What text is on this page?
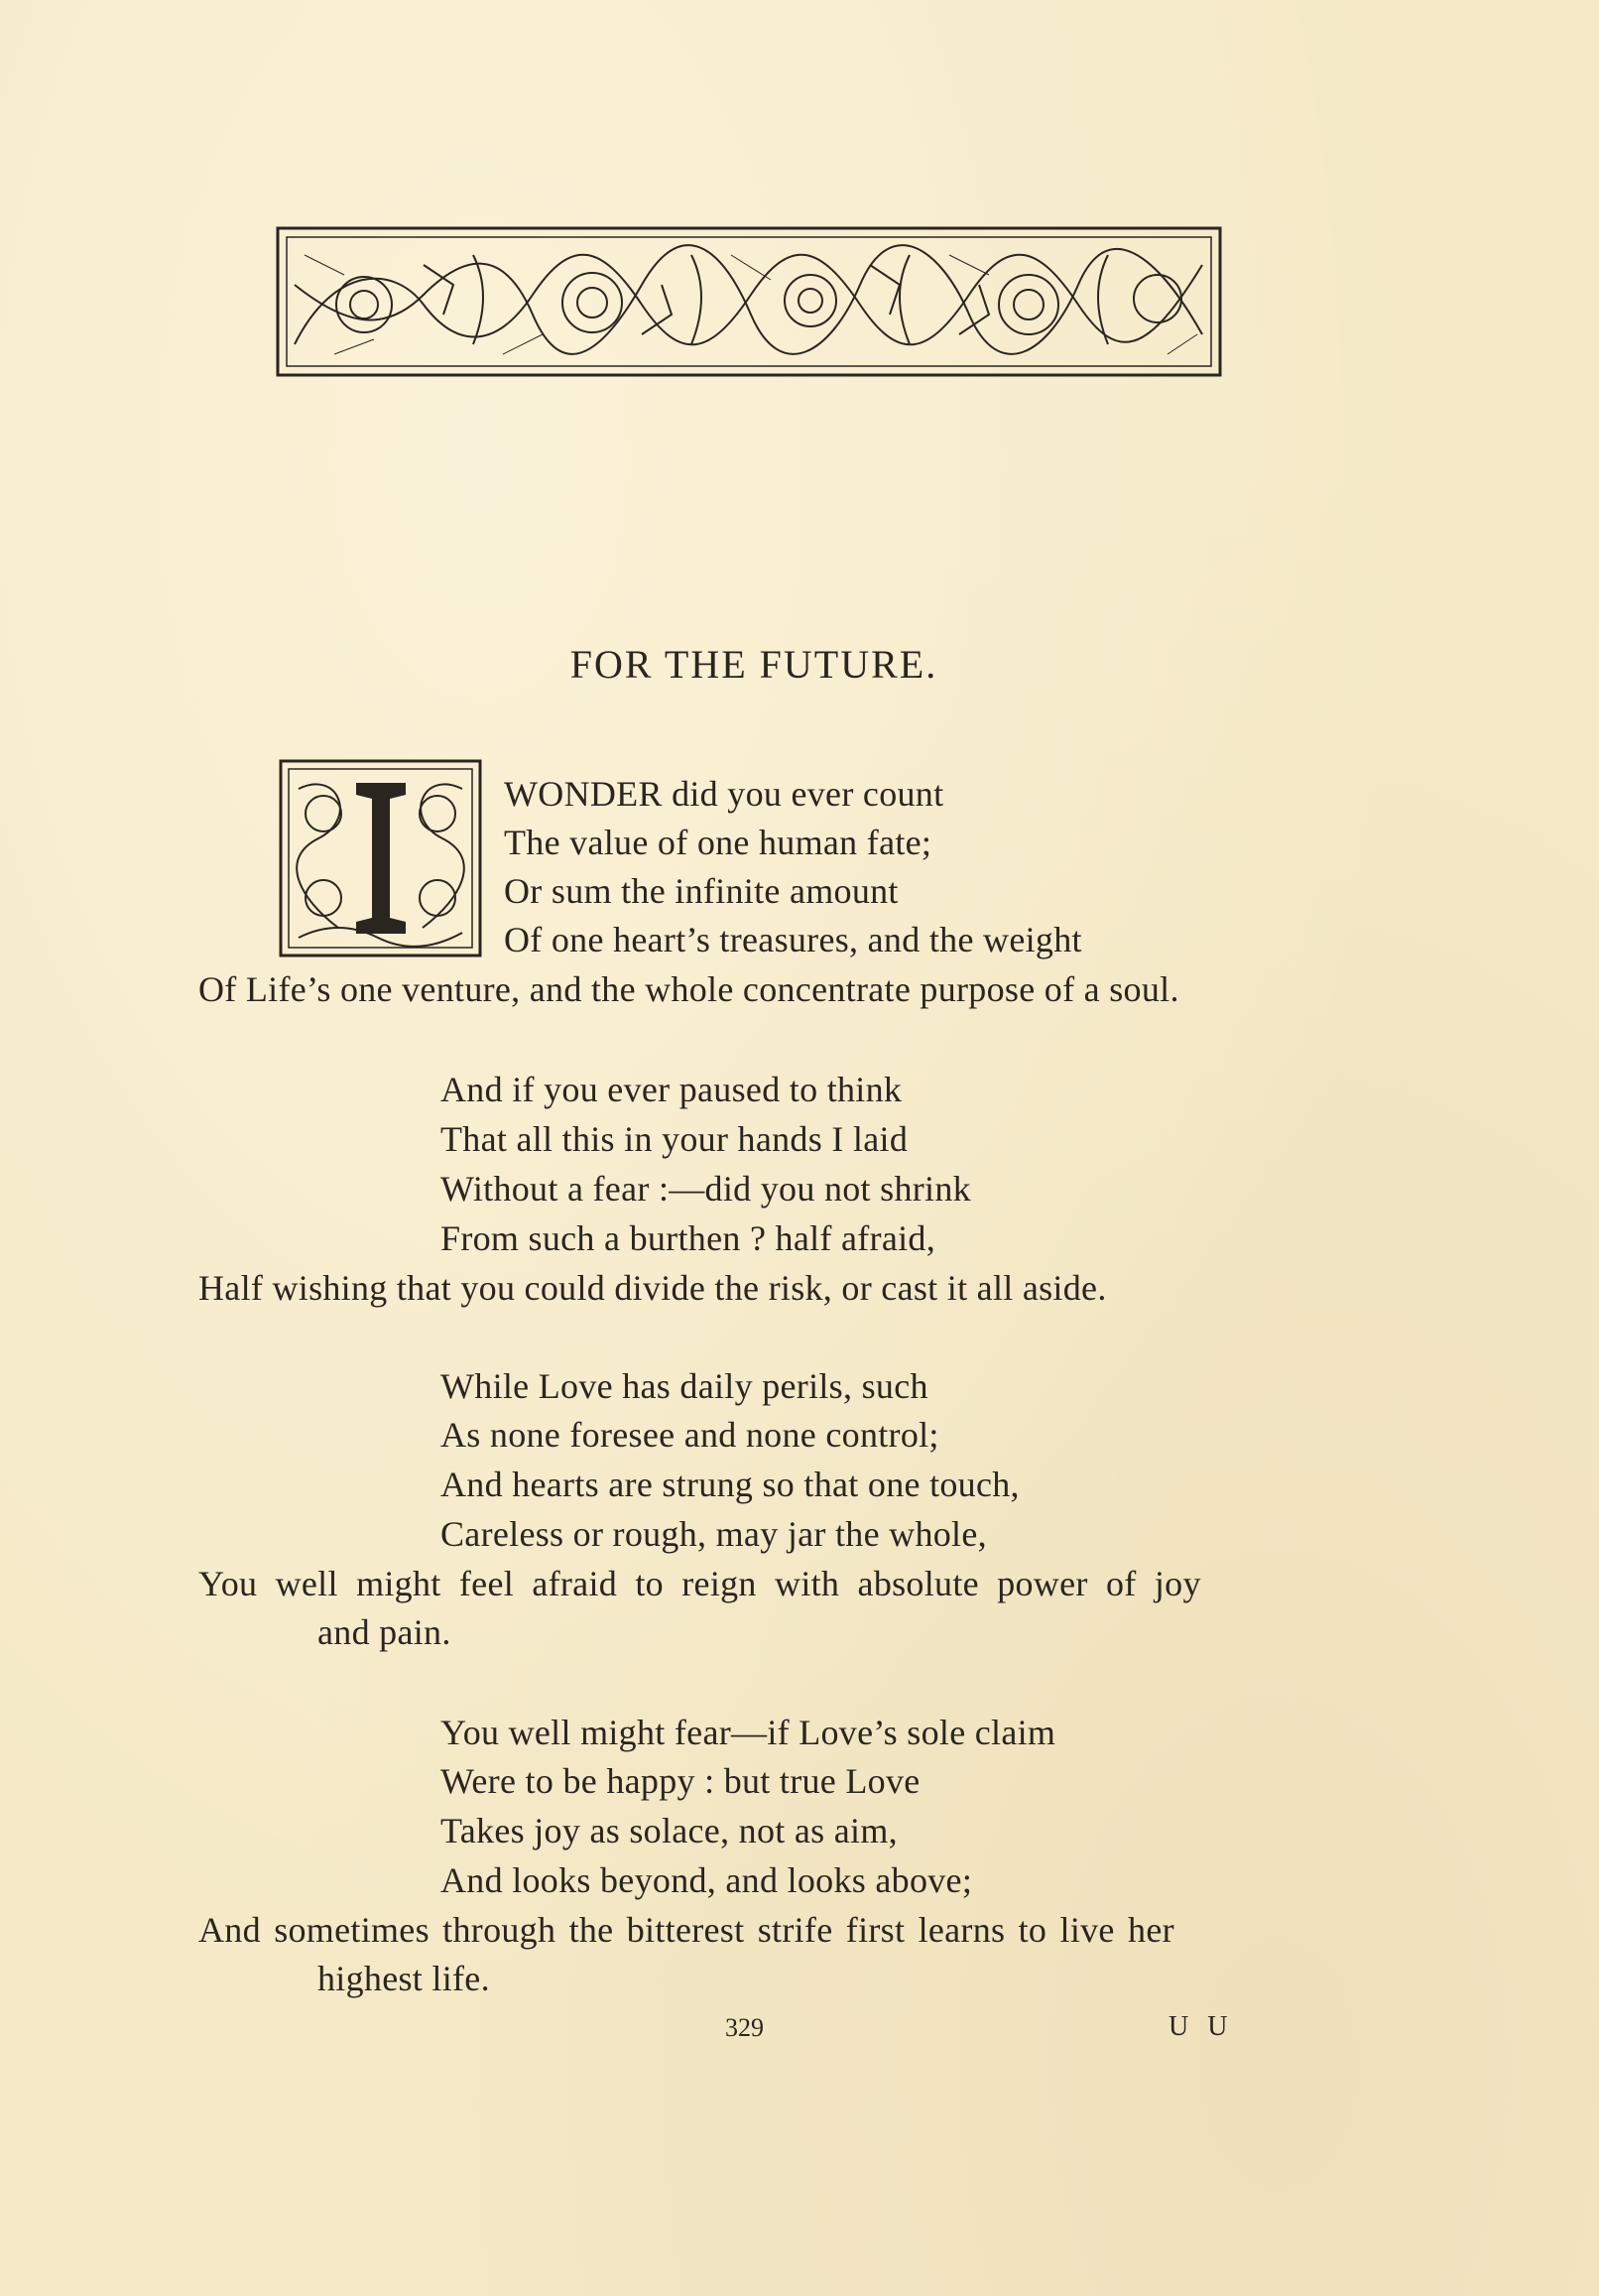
FOR THE FUTURE.
WONDER did you ever count
The value of one human fate;
Or sum the infinite amount
Of one heart’s treasures, and the weight
Of Life’s one venture, and the whole concentrate purpose of a soul.
And if you ever paused to think
That all this in your hands I laid
Without a fear :—did you not shrink
From such a burthen ? half afraid,
Half wishing that you could divide the risk, or cast it all aside.
While Love has daily perils, such
As none foresee and none control;
And hearts are strung so that one touch,
Careless or rough, may jar the whole,
You well might feel afraid to reign with absolute power of joy
and pain.
You well might fear—if Love’s sole claim
Were to be happy : but true Love
Takes joy as solace, not as aim,
And looks beyond, and looks above;
And sometimes through the bitterest strife first learns to live her
highest life.
329	U U
